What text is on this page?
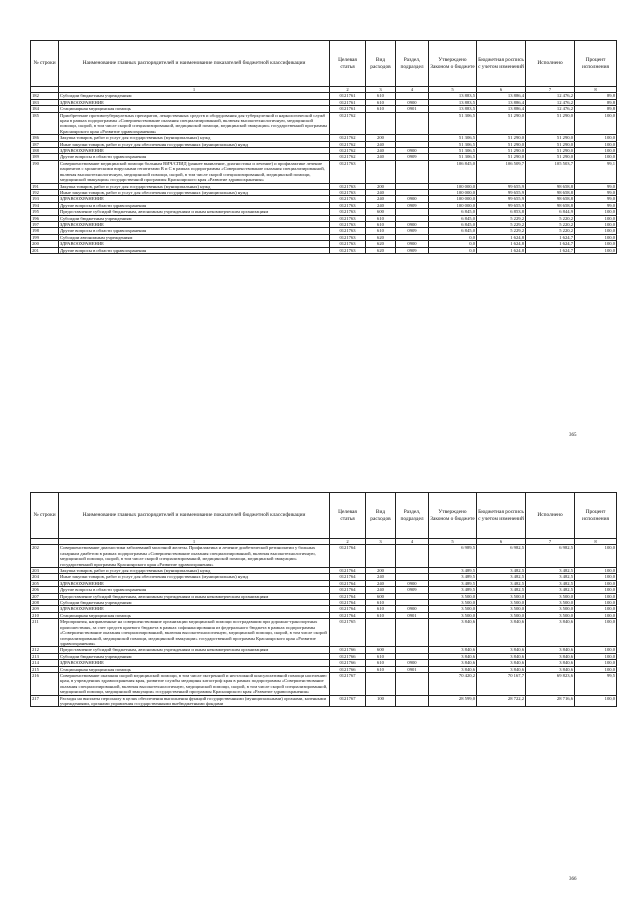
№ строки	Наименование главных распорядителей и наименование показателей бюджетной классификации	Целевая статья	Вид расходов	Раздел, подраздел	Утверждено Законом о бюджете	Бюджетная роспись с учетом изменений	Исполнено	Процент исполнения
	1	2	3	4	5	6	7	8
182	Субсидии бюджетным учреждениям	0121761	610		13 883,5	13 886,4	12 476,2	89,8
183	ЗДРАВООХРАНЕНИЕ	0121761	610	0900	13 883,5	13 886,4	12 476,2	89,8
184	Стационарная медицинская помощь	0121761	610	0901	13 883,5	13 886,4	12 476,2	89,8
185	Приобретение противотуберкулезных препаратов, лекарственных средств и оборудования для туберкулезной и наркологической служб края в рамках подпрограммы «Совершенствование оказания специализированной, включая высокотехнологичную, медицинской помощи, скорой, в том числе скорой специализированной, медицинской помощи, медицинской эвакуации» государственной программы Красноярского края «Развитие здравоохранения»	0121762			51 306,5	51 290,0	51 290,0	100,0
186	Закупка товаров, работ и услуг для государственных (муниципальных) нужд	0121762	200		51 306,5	51 290,0	51 290,0	100,0
187	Иные закупки товаров, работ и услуг для обеспечения государственных (муниципальных) нужд	0121762	240		51 306,5	51 290,0	51 290,0	100,0
188	ЗДРАВООХРАНЕНИЕ	0121762	240	0900	51 306,5	51 290,0	51 290,0	100,0
189	Другие вопросы в области здравоохранения	0121762	240	0909	51 306,5	51 290,0	51 290,0	100,0
190	Совершенствование медицинской помощи больным ВИЧ/СПИД (раннее выявление, диагностика и лечение) и профилактике лечение пациентов с хроническими вирусными гепатитами В и С в рамках подпрограммы «Совершенствование оказания специализированной, включая высокотехнологичную, медицинской помощи, скорой, в том числе скорой специализированной, медицинской помощи, медицинской эвакуации» государственной программы Красноярского края «Развитие здравоохранения»	0121763			106 845,0	106 509,7	105 503,7	99,1
191	Закупка товаров, работ и услуг для государственных (муниципальных) нужд	0121763	200		100 000,0	99 655,9	98 658,8	99,0
192	Иные закупки товаров, работ и услуг для обеспечения государственных (муниципальных) нужд	0121763	240		100 000,0	99 655,9	98 658,8	99,0
193	ЗДРАВООХРАНЕНИЕ	0121763	240	0900	100 000,0	99 655,9	98 658,8	99,0
194	Другие вопросы в области здравоохранения	0121763	240	0909	100 000,0	99 655,9	98 658,8	99,0
195	Предоставление субсидий бюджетным, автономным учреждениям и иным некоммерческим организациям	0121763	600		6 845,0	6 853,8	6 844,9	100,0
196	Субсидии бюджетным учреждениям	0121763	610		6 845,0	5 229,2	5 220,2	100,0
197	ЗДРАВООХРАНЕНИЕ	0121763	610	0900	6 845,0	5 229,2	5 220,2	100,0
198	Другие вопросы в области здравоохранения	0121763	610	0909	6 845,0	5 229,2	5 220,2	100,0
199	Субсидии автономным учреждениям	0121763	620		0,0	1 624,8	1 624,7	100,0
200	ЗДРАВООХРАНЕНИЕ	0121763	620	0900	0,0	1 624,8	1 624,7	100,0
201	Другие вопросы в области здравоохранения	0121763	620	0909	0,0	1 624,8	1 624,7	100,0
365
№ строки	Наименование главных распорядителей и наименование показателей бюджетной классификации	Целевая статья	Вид расходов	Раздел, подраздел	Утверждено Законом о бюджете	Бюджетная роспись с учетом изменений	Исполнено	Процент исполнения
	1	2	3	4	5	6	7	8
202	Совершенствование диагностики заболеваний молочной железы. Профилактика и лечение диабетической ретинопатии у больных сахарным диабетом в рамках подпрограммы «Совершенствование оказания специализированной, включая высокотехнологичную, медицинской помощи, скорой, в том числе скорой специализированной, медицинской помощи, медицинской эвакуации» государственной программы Красноярского края «Развитие здравоохранения»	0121764			6 989,5	6 982,5	6 982,5	100,0
203	Закупка товаров, работ и услуг для государственных (муниципальных) нужд	0121764	200		3 489,5	3 482,5	3 482,5	100,0
204	Иные закупки товаров, работ и услуг для обеспечения государственных (муниципальных) нужд	0121764	240		3 489,5	3 482,5	3 482,5	100,0
205	ЗДРАВООХРАНЕНИЕ	0121764	240	0900	3 489,5	3 482,5	3 482,5	100,0
206	Другие вопросы в области здравоохранения	0121764	240	0909	3 489,5	3 482,5	3 482,5	100,0
207	Предоставление субсидий бюджетным, автономным учреждениям и иным некоммерческим организациям	0121764	600		3 500,0	3 500,0	3 500,0	100,0
208	Субсидии бюджетным учреждениям	0121764	610		3 500,0	3 500,0	3 500,0	100,0
209	ЗДРАВООХРАНЕНИЕ	0121764	610	0900	3 500,0	3 500,0	3 500,0	100,0
210	Стационарная медицинская помощь	0121764	610	0901	3 500,0	3 500,0	3 500,0	100,0
211	Мероприятия, направленные на совершенствование организации медицинской помощи пострадавшим при дорожно-транспортных происшествиях, за счет средств краевого бюджета в рамках софинансирования из федерального бюджета в рамках подпрограммы «Совершенствование оказания специализированной, включая высокотехнологичную, медицинской помощи, скорой, в том числе скорой специализированной, медицинской помощи, медицинской эвакуации» государственной программы Красноярского края «Развитие здравоохранения»	0121765			3 840,6	3 840,6	3 840,6	100,0
212	Предоставление субсидий бюджетным, автономным учреждениям и иным некоммерческим организациям	0121766	600		3 840,6	3 840,6	3 840,6	100,0
213	Субсидии бюджетным учреждениям	0121766	610		3 840,6	3 840,6	3 840,6	100,0
214	ЗДРАВООХРАНЕНИЕ	0121766	610	0900	3 840,6	3 840,6	3 840,6	100,0
215	Стационарная медицинская помощь	0121766	610	0901	3 840,6	3 840,6	3 840,6	100,0
216	Совершенствование оказания скорой медицинской помощи, в том числе экстренной и неотложной консультативной помощи населению края, в учреждениях здравоохранения края, развитие службы медицины катастроф края в рамках подпрограммы «Совершенствование оказания специализированной, включая высокотехнологичную, медицинской помощи, скорой, в том числе скорой специализированной, медицинской помощи, медицинской эвакуации» государственной программы Красноярского края «Развитие здравоохранения»	0121767			70 420,2	70 167,7	69 823,6	99,5
217	Расходы на выплаты персоналу в целях обеспечения выполнения функций государственными (муниципальными) органами, казенными учреждениями, органами управления государственными внебюджетными фондами	0121767	100		28 599,0	28 722,2	28 716,6	100,0
366
